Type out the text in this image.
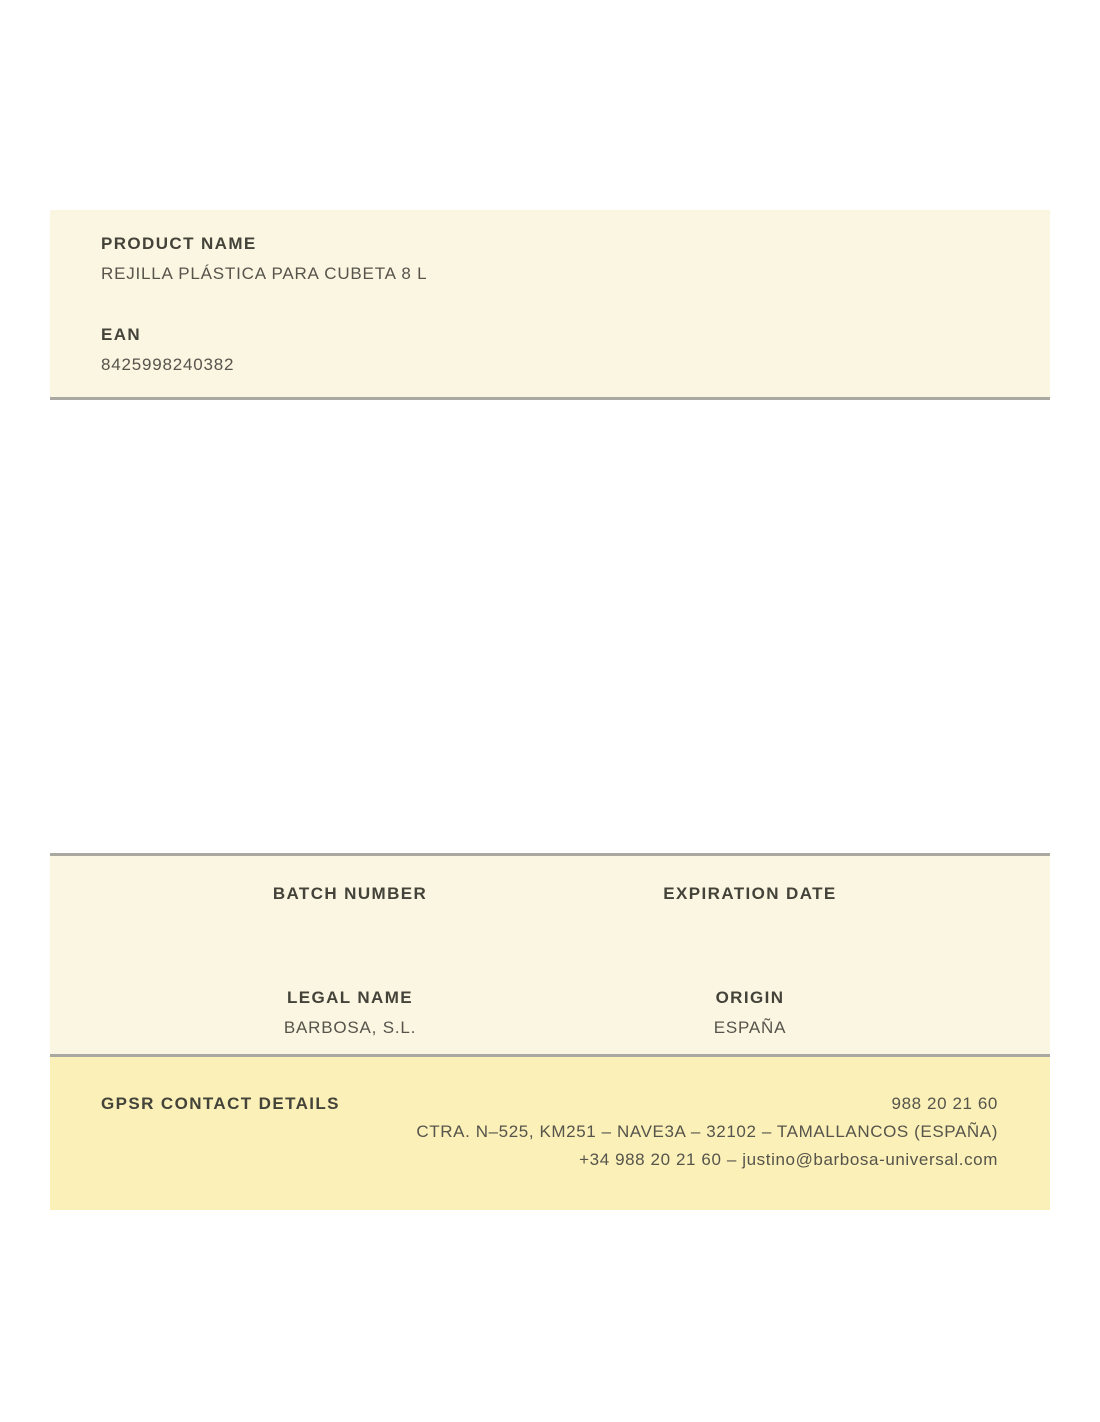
PRODUCT NAME
REJILLA PLÁSTICA PARA CUBETA 8 L
EAN
8425998240382
BATCH NUMBER	EXPIRATION DATE
LEGAL NAME
BARBOSA, S.L.
ORIGIN
ESPAÑA
GPSR CONTACT DETAILS	988 20 21 60
CTRA. N–525, KM251 – NAVE3A – 32102 – TAMALLANCOS (ESPAÑA)
+34 988 20 21 60 – justino@barbosa-universal.com
